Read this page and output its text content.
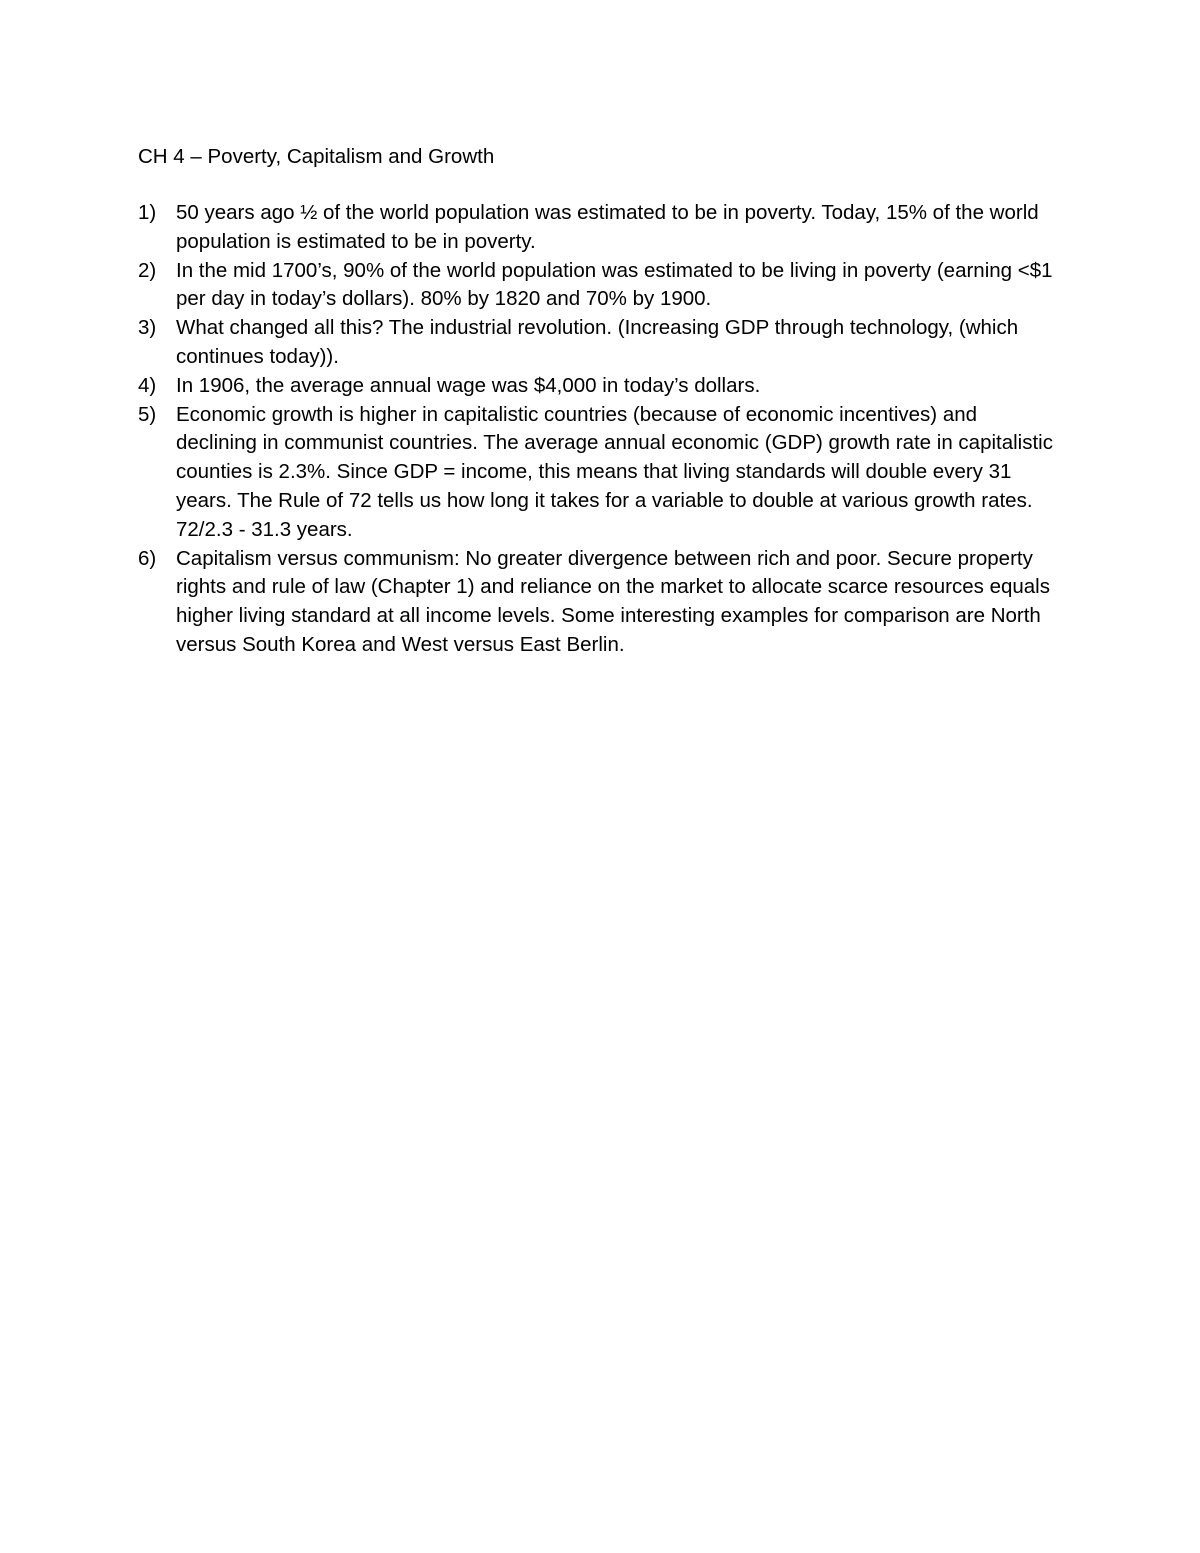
CH 4 – Poverty, Capitalism and Growth
1) 50 years ago ½ of the world population was estimated to be in poverty. Today, 15% of the world population is estimated to be in poverty.
2) In the mid 1700’s, 90% of the world population was estimated to be living in poverty (earning <$1 per day in today’s dollars). 80% by 1820 and 70% by 1900.
3) What changed all this? The industrial revolution. (Increasing GDP through technology, (which continues today)).
4) In 1906, the average annual wage was $4,000 in today’s dollars.
5) Economic growth is higher in capitalistic countries (because of economic incentives) and declining in communist countries. The average annual economic (GDP) growth rate in capitalistic counties is 2.3%. Since GDP = income, this means that living standards will double every 31 years. The Rule of 72 tells us how long it takes for a variable to double at various growth rates. 72/2.3 - 31.3 years.
6) Capitalism versus communism: No greater divergence between rich and poor. Secure property rights and rule of law (Chapter 1) and reliance on the market to allocate scarce resources equals higher living standard at all income levels. Some interesting examples for comparison are North versus South Korea and West versus East Berlin.
